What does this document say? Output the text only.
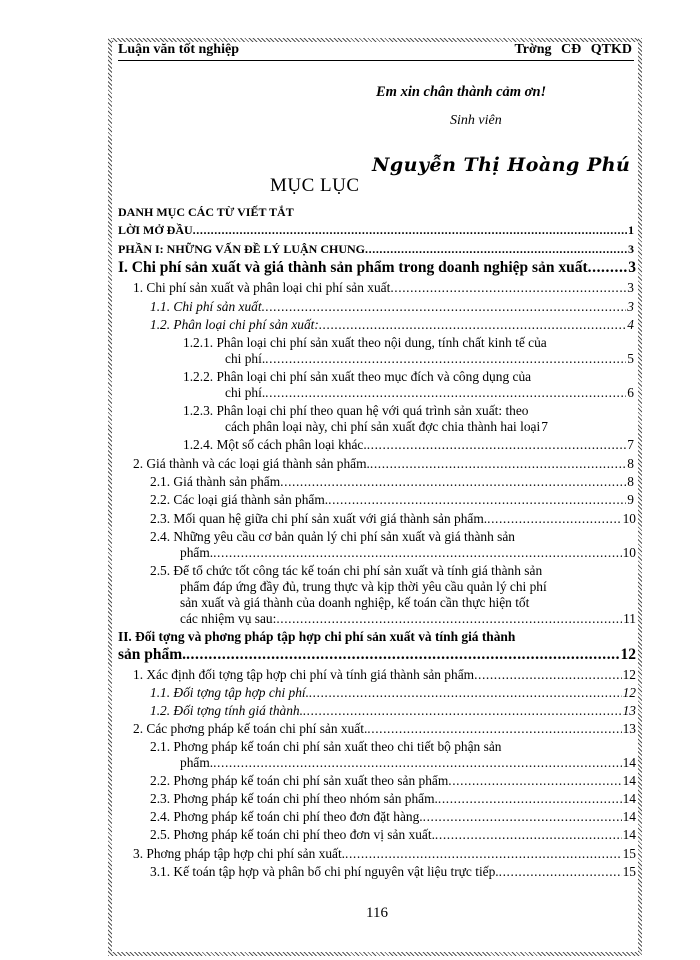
Luận văn tốt nghiệp	Trờng CĐ QTKD
Em xin chân thành cảm ơn!
Sinh viên
Nguyễn Thị Hoàng Phú
MỤC LỤC
DANH MỤC CÁC TỪ VIẾT TẮT
LỜI MỞ ĐẦU .....	1
PHẦN I: NHỮNG VẤN ĐỀ LÝ LUẬN CHUNG .....	3
I. Chi phí sản xuất và giá thành sản phẩm trong doanh nghiệp sản xuất .....	3
1. Chi phí sản xuất và phân loại chi phí sản xuất .....	3
1.1. Chi phí sản xuất .....	3
1.2. Phân loại chi phí sản xuất: .....	4
1.2.1. Phân loại chi phí sản xuất theo nội dung, tính chất kinh tế của
chi phí. .....	5
1.2.2. Phân loại chi phí sản xuất theo mục đích và công dụng của
chi phí. .....	6
1.2.3. Phân loại chi phí theo quan hệ với quá trình sản xuất: theo
cách phân loại này, chi phí sản xuất đợc chia thành hai loại 7
1.2.4. Một số cách phân loại khác. .....	7
2. Giá thành và các loại giá thành sản phẩm. .....	8
2.1. Giá thành sản phẩm .....	8
2.2. Các loại giá thành sản phẩm. .....	9
2.3. Mối quan hệ giữa chi phí sản xuất với giá thành sản phẩm. .....	10
2.4. Những yêu cầu cơ bản quản lý chi phí sản xuất và giá thành sản
phẩm. .....	10
2.5. Để tổ chức tốt công tác kế toán chi phí sản xuất và tính giá thành sản
phẩm đáp ứng đầy đủ, trung thực và kịp thời yêu cầu quản lý chi phí
sản xuất và giá thành của doanh nghiệp, kế toán cần thực hiện tốt
các nhiệm vụ sau: .....	11
II. Đối tợng và phơng pháp tập hợp chi phí sản xuất và tính giá thành
sản phẩm. .....	12
1. Xác định đối tợng tập hợp chi phí và tính giá thành sản phẩm .....	12
1.1. Đối tợng tập hợp chi phí. .....	12
1.2. Đối tợng tính giá thành. .....	13
2. Các phơng pháp kế toán chi phí sản xuất. .....	13
2.1. Phơng pháp kế toán chi phí sản xuất theo chi tiết bộ phận sản
phẩm. .....	14
2.2. Phơng pháp kế toán chi phí sản xuất theo sản phẩm .....	14
2.3. Phơng pháp kế toán chi phí theo nhóm sản phẩm. .....	14
2.4. Phơng pháp kế toán chi phí theo đơn đặt hàng. .....	14
2.5. Phơng pháp kế toán chi phí theo đơn vị sản xuất. .....	14
3. Phơng pháp tập hợp chi phí sản xuất. .....	15
3.1. Kế toán tập hợp và phân bổ chi phí nguyên vật liệu trực tiếp. .....	15
116
